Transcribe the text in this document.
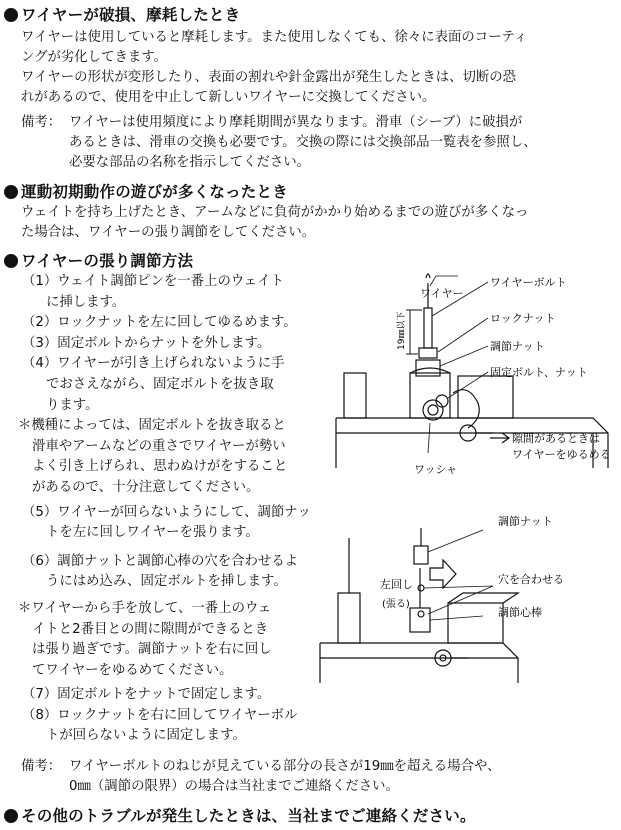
ワイヤーが破損、摩耗したとき
ワイヤーは使用していると摩耗します。また使用しなくても、徐々に表面のコーティ
ングが劣化してきます。
ワイヤーの形状が変形したり、表面の割れや針金露出が発生したときは、切断の恐
れがあるので、使用を中止して新しいワイヤーに交換してください。
備考： ワイヤーは使用頻度により摩耗期間が異なります。滑車（シーブ）に破損が
あるときは、滑車の交換も必要です。交換の際には交換部品一覧表を参照し、
必要な部品の名称を指示してください。
運動初期動作の遊びが多くなったとき
ウェイトを持ち上げたとき、アームなどに負荷がかかり始めるまでの遊びが多くなっ
た場合は、ワイヤーの張り調節をしてください。
ワイヤーの張り調節方法
（1）ウェイト調節ピンを一番上のウェイト
に挿します。
（2）ロックナットを左に回してゆるめます。
（3）固定ボルトからナットを外します。
（4）ワイヤーが引き上げられないように手
でおさえながら、固定ボルトを抜き取
ります。
＊機種によっては、固定ボルトを抜き取ると
滑車やアームなどの重さでワイヤーが勢い
よく引き上げられ、思わぬけがをすること
があるので、十分注意してください。
（5）ワイヤーが回らないようにして、調節ナッ
トを左に回しワイヤーを張ります。
（6）調節ナットと調節心棒の穴を合わせるよ
うにはめ込み、固定ボルトを挿します。
＊ワイヤーから手を放して、一番上のウェ
イトと2番目との間に隙間ができるとき
は張り過ぎです。調節ナットを右に回し
てワイヤーをゆるめてください。
（7）固定ボルトをナットで固定します。
（8）ロックナットを右に回してワイヤーボル
トが回らないように固定します。
19㎜以下
ワイヤー
ワイヤーボルト
ロックナット
調節ナット
固定ボルト、ナット
隙間があるときは
ワイヤーをゆるめる
ワッシャ
調節ナット
左回し
(張る)
穴を合わせる
調節心棒
備考： ワイヤーボルトのねじが見えている部分の長さが19㎜を超える場合や、
0㎜（調節の限界）の場合は当社までご連絡ください。
その他のトラブルが発生したときは、当社までご連絡ください。
